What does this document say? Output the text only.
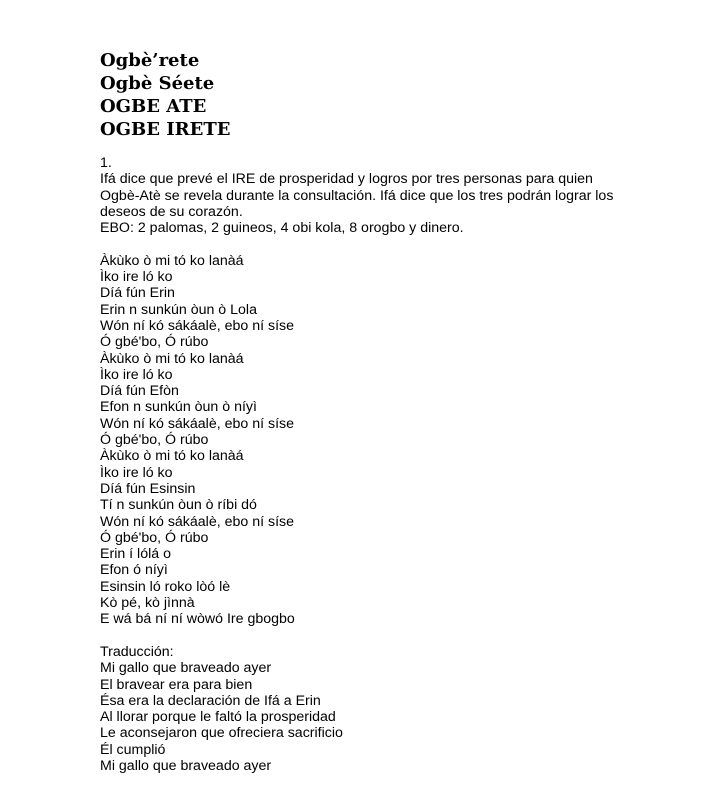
Ogbè’rete
Ogbè Séete
OGBE ATE
OGBE IRETE
1.
Ifá dice que prevé el IRE de prosperidad y logros por tres personas para quien
Ogbè-Atè se revela durante la consultación. Ifá dice que los tres podrán lograr los
deseos de su corazón.
EBO: 2 palomas, 2 guineos, 4 obi kola, 8 orogbo y dinero.
Àkùko ò mi tó ko lanàá
Ìko ire ló ko
Díá fún Erin
Erin n sunkún òun ò Lola
Wón ní kó sákáalè, ebo ní síse
Ó gbé'bo, Ó rúbo
Àkùko ò mi tó ko lanàá
Ìko ire ló ko
Díá fún Efòn
Efon n sunkún òun ò níyì
Wón ní kó sákáalè, ebo ní síse
Ó gbé'bo, Ó rúbo
Àkùko ò mi tó ko lanàá
Ìko ire ló ko
Díá fún Esinsin
Tí n sunkún òun ò ríbi dó
Wón ní kó sákáalè, ebo ní síse
Ó gbé'bo, Ó rúbo
Erin í lólá o
Efon ó níyì
Esinsin ló roko lòó lè
Kò pé, kò jìnnà
E wá bá ní ní wòwó Ire gbogbo
Traducción:
Mi gallo que braveado ayer
El bravear era para bien
Ésa era la declaración de Ifá a Erin
Al llorar porque le faltó la prosperidad
Le aconsejaron que ofreciera sacrificio
Él cumplió
Mi gallo que braveado ayer
